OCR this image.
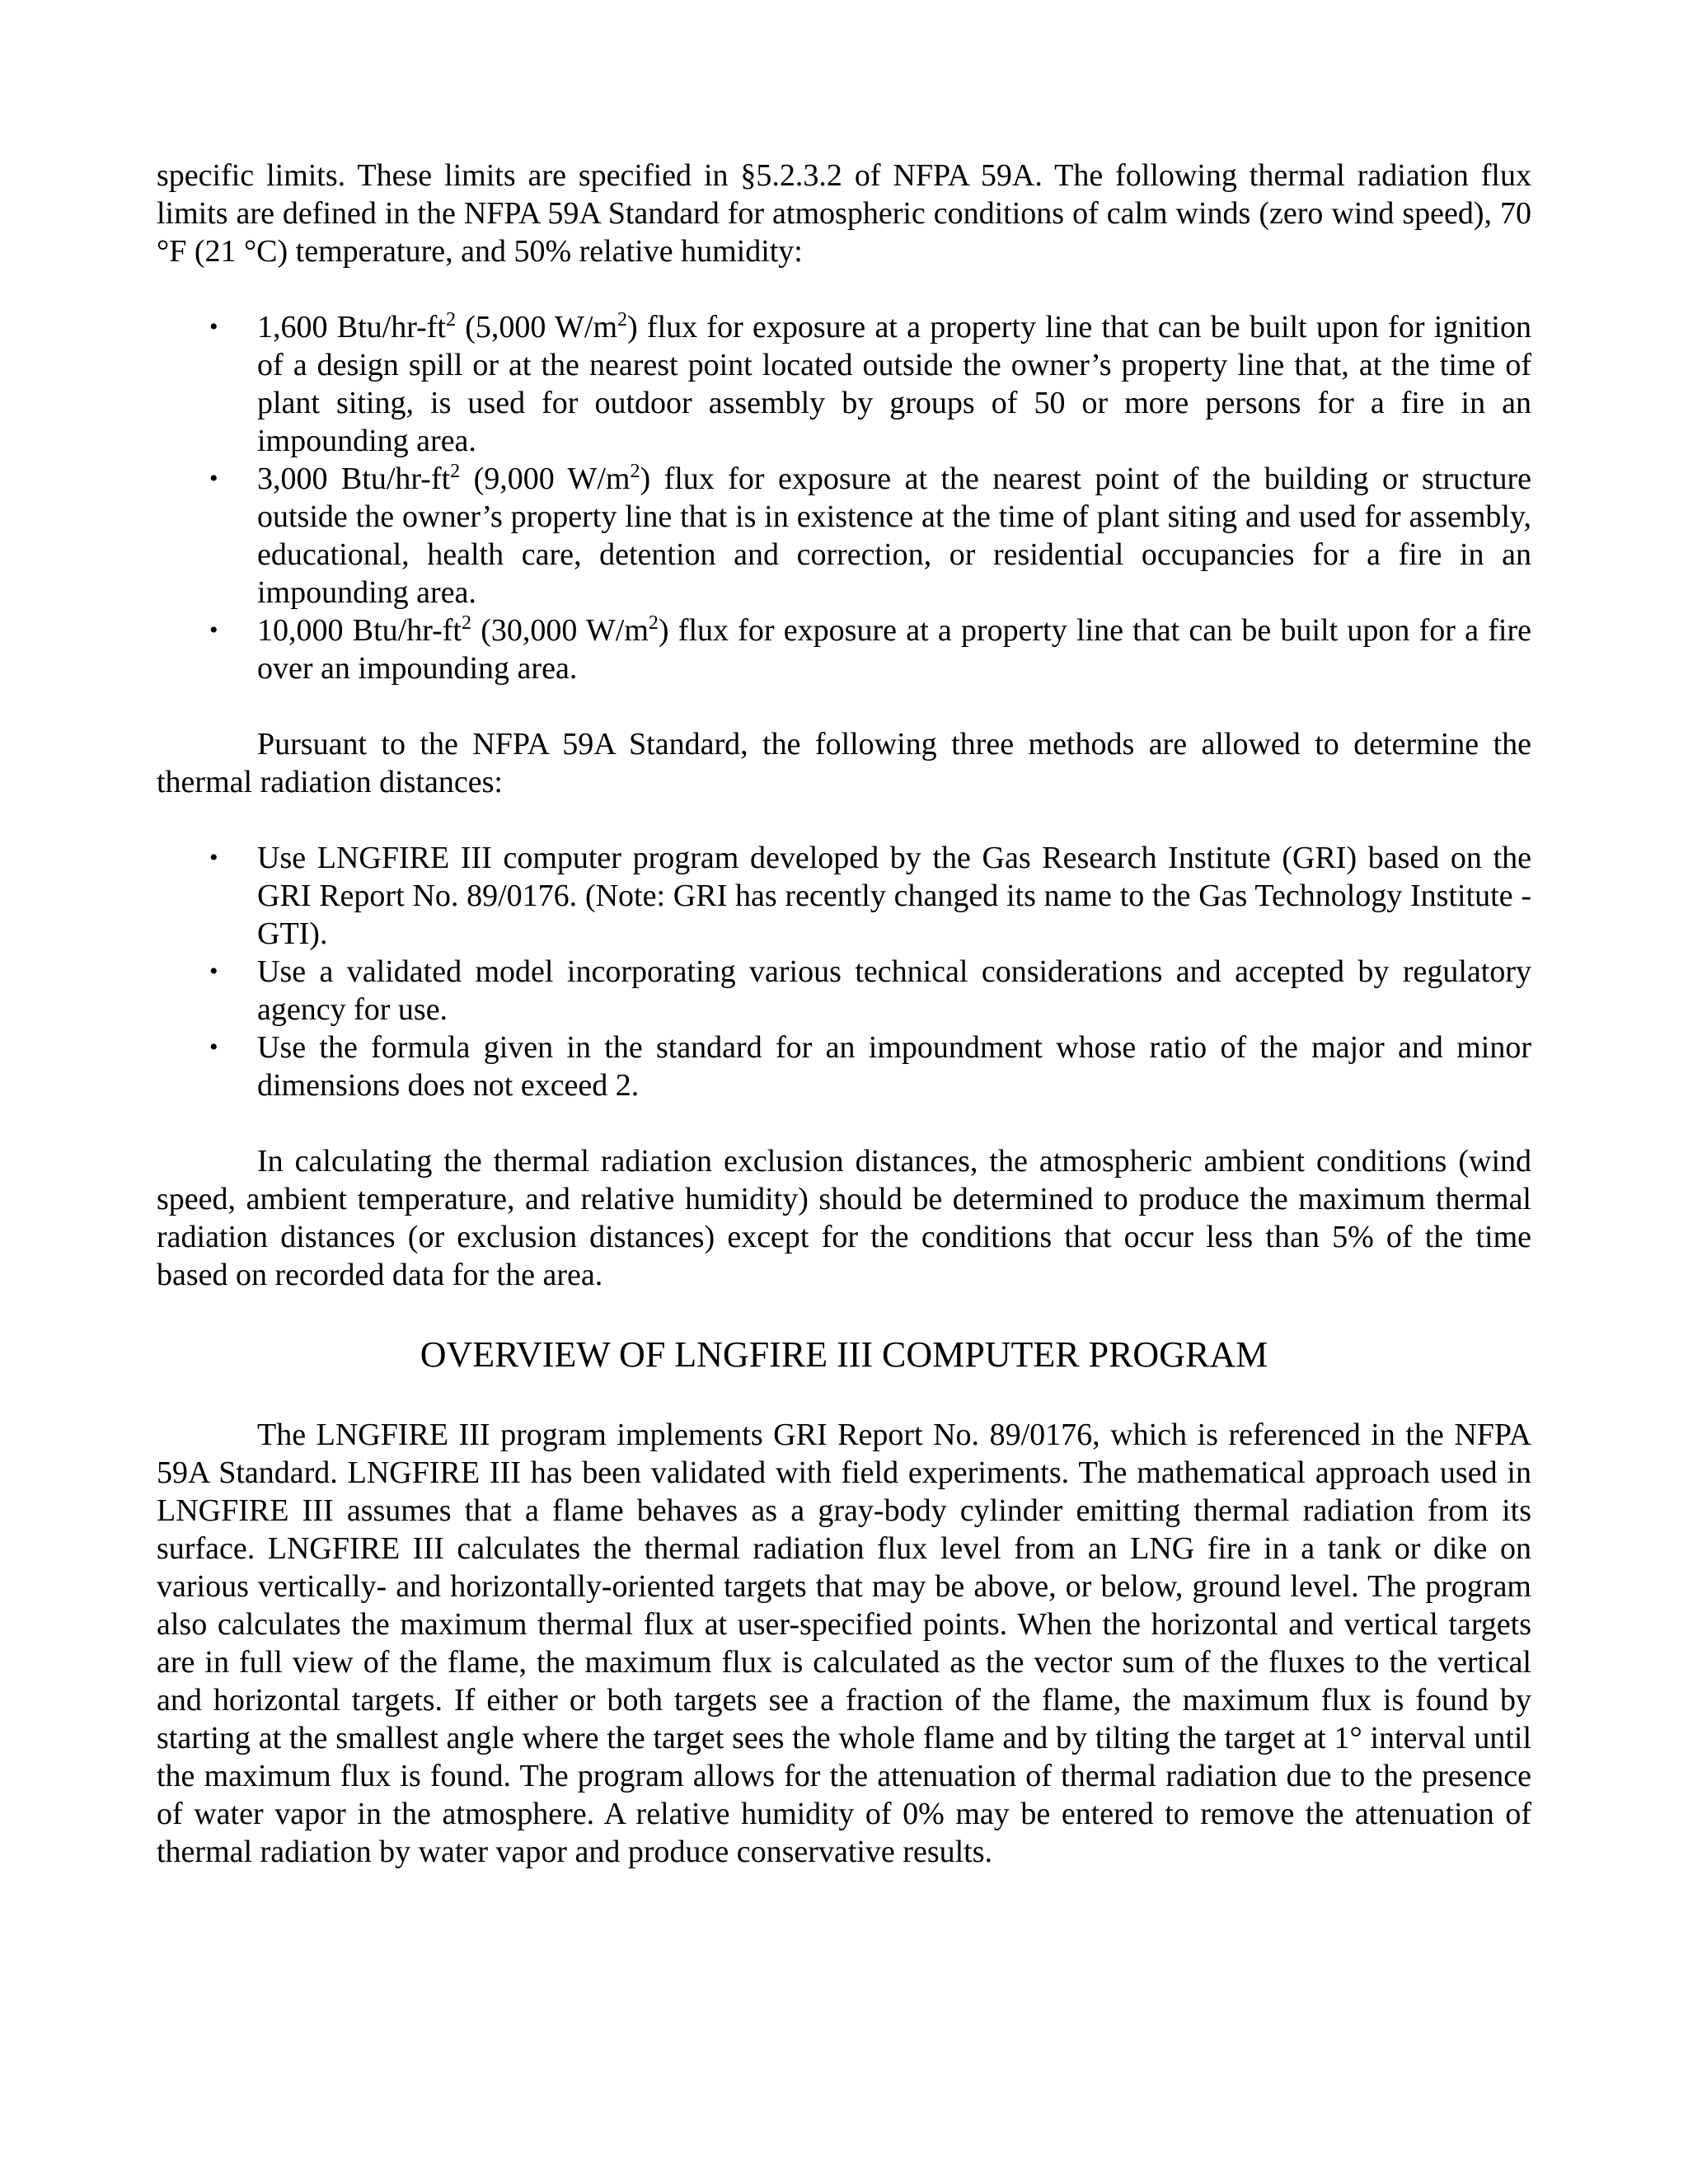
specific limits. These limits are specified in §5.2.3.2 of NFPA 59A. The following thermal radiation flux limits are defined in the NFPA 59A Standard for atmospheric conditions of calm winds (zero wind speed), 70 °F (21 °C) temperature, and 50% relative humidity:

• 1,600 Btu/$hr-ft^2$ (5,000 $W/m^2$) flux for exposure at a property line that can be built upon for ignition of a design spill or at the nearest point located outside the owner’s property line that, at the time of plant siting, is used for outdoor assembly by groups of 50 or more persons for a fire in an impounding area.
• 3,000 Btu/$hr-ft^2$ (9,000 $W/m^2$) flux for exposure at the nearest point of the building or structure outside the owner’s property line that is in existence at the time of plant siting and used for assembly, educational, health care, detention and correction, or residential occupancies for a fire in an impounding area.
• 10,000 Btu/$hr-ft^2$ (30,000 $W/m^2$) flux for exposure at a property line that can be built upon for a fire over an impounding area.

Pursuant to the NFPA 59A Standard, the following three methods are allowed to determine the thermal radiation distances:

• Use LNGFIRE III computer program developed by the Gas Research Institute (GRI) based on the GRI Report No. 89/0176. (Note: GRI has recently changed its name to the Gas Technology Institute - GTI).
• Use a validated model incorporating various technical considerations and accepted by regulatory agency for use.
• Use the formula given in the standard for an impoundment whose ratio of the major and minor dimensions does not exceed 2.

In calculating the thermal radiation exclusion distances, the atmospheric ambient conditions (wind speed, ambient temperature, and relative humidity) should be determined to produce the maximum thermal radiation distances (or exclusion distances) except for the conditions that occur less than 5% of the time based on recorded data for the area.

OVERVIEW OF LNGFIRE III COMPUTER PROGRAM

The LNGFIRE III program implements GRI Report No. 89/0176, which is referenced in the NFPA 59A Standard. LNGFIRE III has been validated with field experiments. The mathematical approach used in LNGFIRE III assumes that a flame behaves as a gray-body cylinder emitting thermal radiation from its surface. LNGFIRE III calculates the thermal radiation flux level from an LNG fire in a tank or dike on various vertically- and horizontally-oriented targets that may be above, or below, ground level. The program also calculates the maximum thermal flux at user-specified points. When the horizontal and vertical targets are in full view of the flame, the maximum flux is calculated as the vector sum of the fluxes to the vertical and horizontal targets. If either or both targets see a fraction of the flame, the maximum flux is found by starting at the smallest angle where the target sees the whole flame and by tilting the target at 1° interval until the maximum flux is found. The program allows for the attenuation of thermal radiation due to the presence of water vapor in the atmosphere. A relative humidity of 0% may be entered to remove the attenuation of thermal radiation by water vapor and produce conservative results.
